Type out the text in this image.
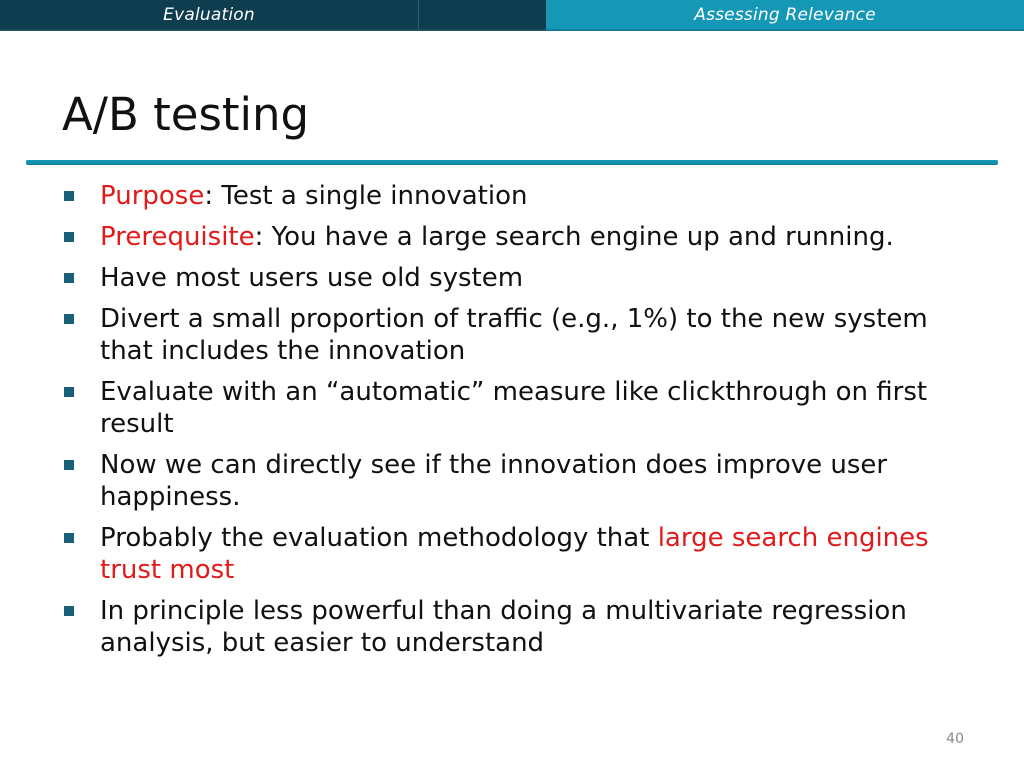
Evaluation	Assessing Relevance
A/B testing
Purpose: Test a single innovation
Prerequisite: You have a large search engine up and running.
Have most users use old system
Divert a small proportion of traffic (e.g., 1%) to the new system that includes the innovation
Evaluate with an “automatic” measure like clickthrough on first result
Now we can directly see if the innovation does improve user happiness.
Probably the evaluation methodology that large search engines trust most
In principle less powerful than doing a multivariate regression analysis, but easier to understand
40
